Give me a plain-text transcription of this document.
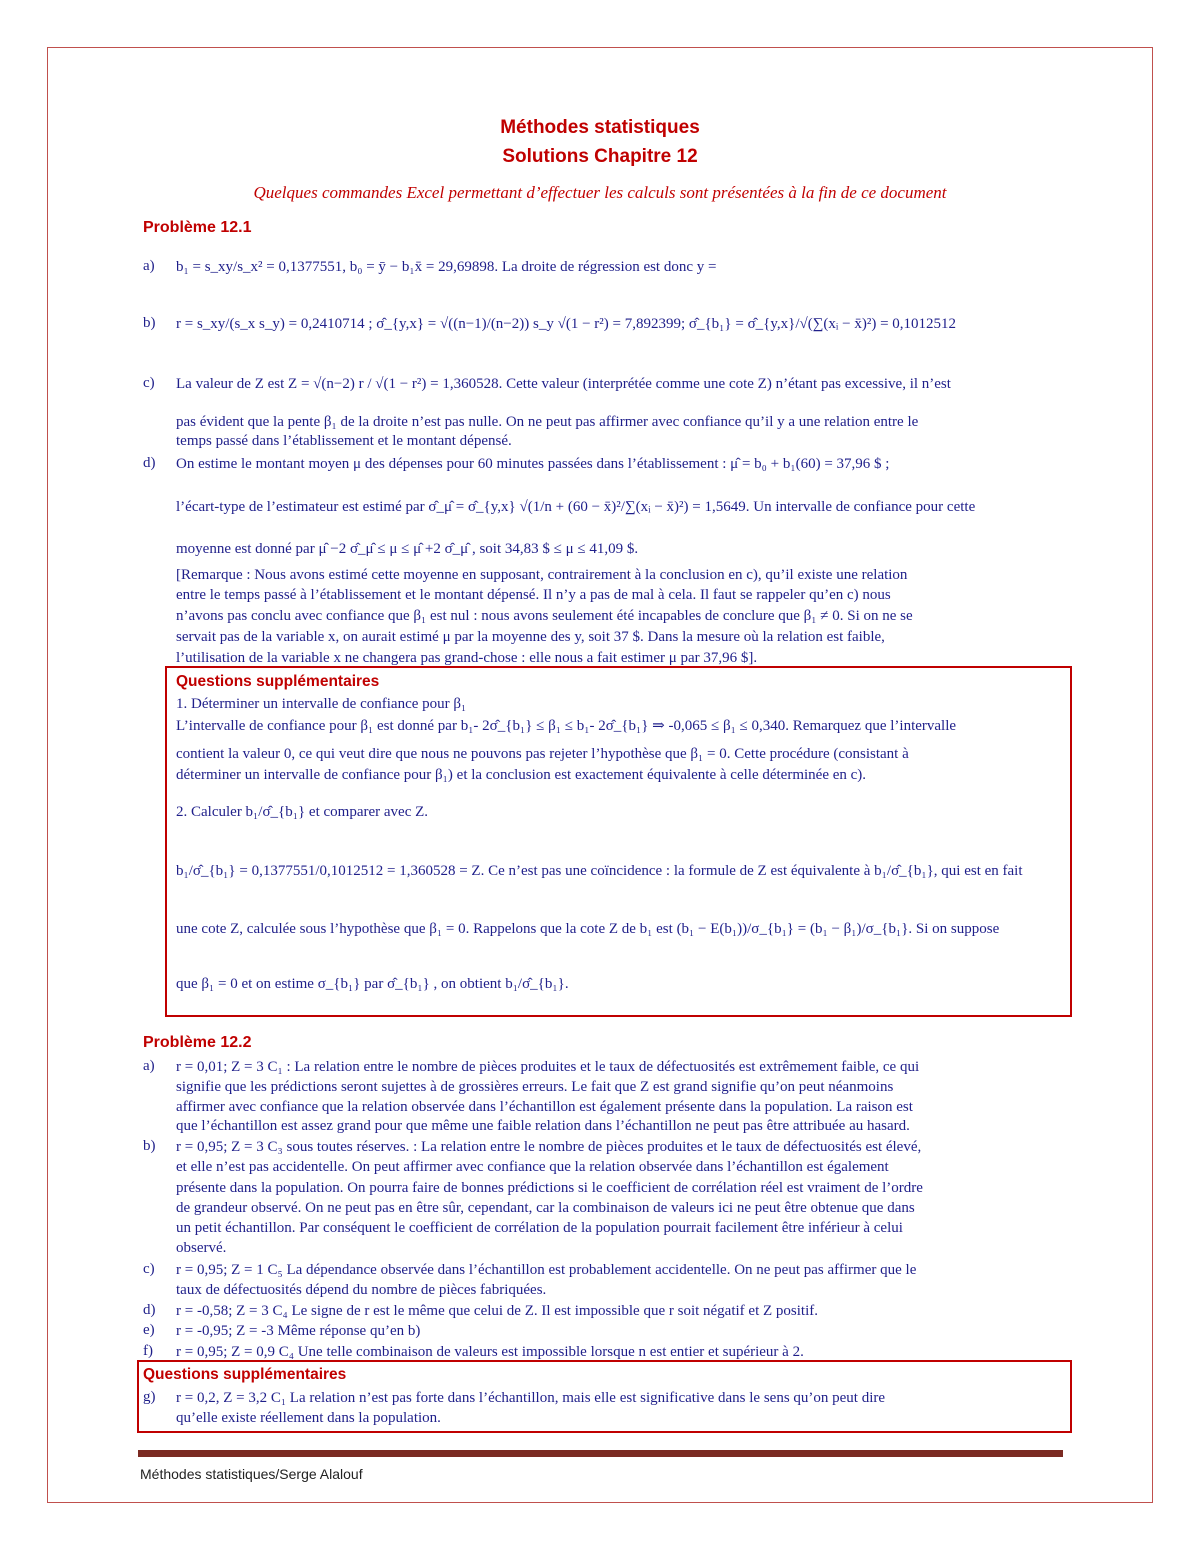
Méthodes statistiques
Solutions Chapitre 12
Quelques commandes Excel permettant d’effectuer les calculs sont présentées à la fin de ce document
Problème 12.1
a) b₁ = s_xy/s_x² = 0,1377551, b₀ = ȳ − b₁x̄ = 29,69898. La droite de régression est donc y =
b) r = s_xy/(s_x s_y) = 0,2410714 ; σ̂_{y,x} = √((n−1)/(n−2)) s_y √(1 − r²) = 7,892399; σ̂_{b₁} = σ̂_{y,x}/√(∑(xᵢ − x̄)²) = 0,1012512
c) La valeur de Z est Z = √(n−2) r / √(1 − r²) = 1,360528. Cette valeur (interprétée comme une cote Z) n’étant pas excessive, il n’est
pas évident que la pente β₁ de la droite n’est pas nulle. On ne peut pas affirmer avec confiance qu’il y a une relation entre le
temps passé dans l’établissement et le montant dépensé.
d) On estime le montant moyen μ des dépenses pour 60 minutes passées dans l’établissement : μ̂ = b₀ + b₁(60) = 37,96 $ ;
l’écart-type de l’estimateur est estimé par σ̂_μ̂ = σ̂_{y,x} √(1/n + (60 − x̄)²/∑(xᵢ − x̄)²) = 1,5649. Un intervalle de confiance pour cette
moyenne est donné par μ̂ −2 σ̂_μ̂ ≤ μ ≤ μ̂ +2 σ̂_μ̂ , soit 34,83 $ ≤ μ ≤ 41,09 $.
[Remarque : Nous avons estimé cette moyenne en supposant, contrairement à la conclusion en c), qu’il existe une relation
entre le temps passé à l’établissement et le montant dépensé. Il n’y a pas de mal à cela. Il faut se rappeler qu’en c) nous
n’avons pas conclu avec confiance que β₁ est nul : nous avons seulement été incapables de conclure que β₁ ≠ 0. Si on ne se
servait pas de la variable x, on aurait estimé μ par la moyenne des y, soit 37 $. Dans la mesure où la relation est faible,
l’utilisation de la variable x ne changera pas grand-chose : elle nous a fait estimer μ par 37,96 $].
Questions supplémentaires
1. Déterminer un intervalle de confiance pour β₁
L’intervalle de confiance pour β₁ est donné par b₁- 2σ̂_{b₁} ≤ β₁ ≤ b₁- 2σ̂_{b₁} ⇒ -0,065 ≤ β₁ ≤ 0,340. Remarquez que l’intervalle
contient la valeur 0, ce qui veut dire que nous ne pouvons pas rejeter l’hypothèse que β₁ = 0. Cette procédure (consistant à
déterminer un intervalle de confiance pour β₁) et la conclusion est exactement équivalente à celle déterminée en c).
2. Calculer b₁/σ̂_{b₁} et comparer avec Z.
b₁/σ̂_{b₁} = 0,1377551/0,1012512 = 1,360528 = Z. Ce n’est pas une coïncidence : la formule de Z est équivalente à b₁/σ̂_{b₁}, qui est en fait
une cote Z, calculée sous l’hypothèse que β₁ = 0. Rappelons que la cote Z de b₁ est (b₁ − E(b₁))/σ_{b₁} = (b₁ − β₁)/σ_{b₁}. Si on suppose
que β₁ = 0 et on estime σ_{b₁} par σ̂_{b₁} , on obtient b₁/σ̂_{b₁}.
Problème 12.2
a) r = 0,01; Z = 3 C₁ : La relation entre le nombre de pièces produites et le taux de défectuosités est extrêmement faible, ce qui
signifie que les prédictions seront sujettes à de grossières erreurs. Le fait que Z est grand signifie qu’on peut néanmoins
affirmer avec confiance que la relation observée dans l’échantillon est également présente dans la population. La raison est
que l’échantillon est assez grand pour que même une faible relation dans l’échantillon ne peut pas être attribuée au hasard.
b) r = 0,95; Z = 3 C₃ sous toutes réserves. : La relation entre le nombre de pièces produites et le taux de défectuosités est élevé,
et elle n’est pas accidentelle. On peut affirmer avec confiance que la relation observée dans l’échantillon est également
présente dans la population. On pourra faire de bonnes prédictions si le coefficient de corrélation réel est vraiment de l’ordre
de grandeur observé. On ne peut pas en être sûr, cependant, car la combinaison de valeurs ici ne peut être obtenue que dans
un petit échantillon. Par conséquent le coefficient de corrélation de la population pourrait facilement être inférieur à celui
observé.
c) r = 0,95; Z = 1 C₅ La dépendance observée dans l’échantillon est probablement accidentelle. On ne peut pas affirmer que le
taux de défectuosités dépend du nombre de pièces fabriquées.
d) r = -0,58; Z = 3 C₄ Le signe de r est le même que celui de Z. Il est impossible que r soit négatif et Z positif.
e) r = -0,95; Z = -3 Même réponse qu’en b)
f) r = 0,95; Z = 0,9 C₄ Une telle combinaison de valeurs est impossible lorsque n est entier et supérieur à 2.
Questions supplémentaires
g) r = 0,2, Z = 3,2 C₁ La relation n’est pas forte dans l’échantillon, mais elle est significative dans le sens qu’on peut dire
qu’elle existe réellement dans la population.
Méthodes statistiques/Serge Alalouf
